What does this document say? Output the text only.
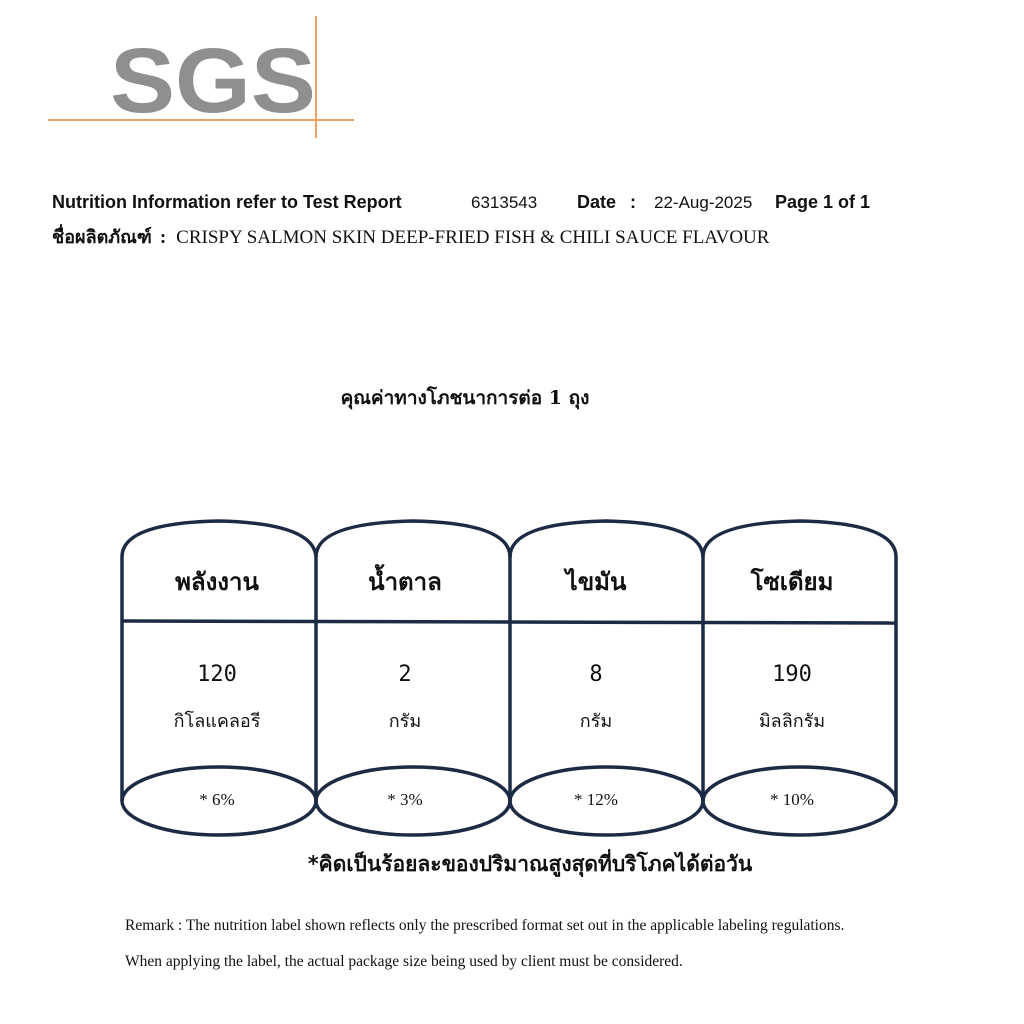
SGS
Nutrition Information refer to Test Report	6313543 Date : 22-Aug-2025 Page 1 of 1
ชื่อผลิตภัณฑ์ : CRISPY SALMON SKIN DEEP-FRIED FISH & CHILI SAUCE FLAVOUR
คุณค่าทางโภชนาการต่อ 1 ถุง
พลังงาน
120
กิโลแคลอรี
* 6%
น้ำตาล
2
กรัม
* 3%
ไขมัน
8
กรัม
* 12%
โซเดียม
190
มิลลิกรัม
* 10%
*คิดเป็นร้อยละของปริมาณสูงสุดที่บริโภคได้ต่อวัน
Remark : The nutrition label shown reflects only the prescribed format set out in the applicable labeling regulations.
When applying the label, the actual package size being used by client must be considered.
